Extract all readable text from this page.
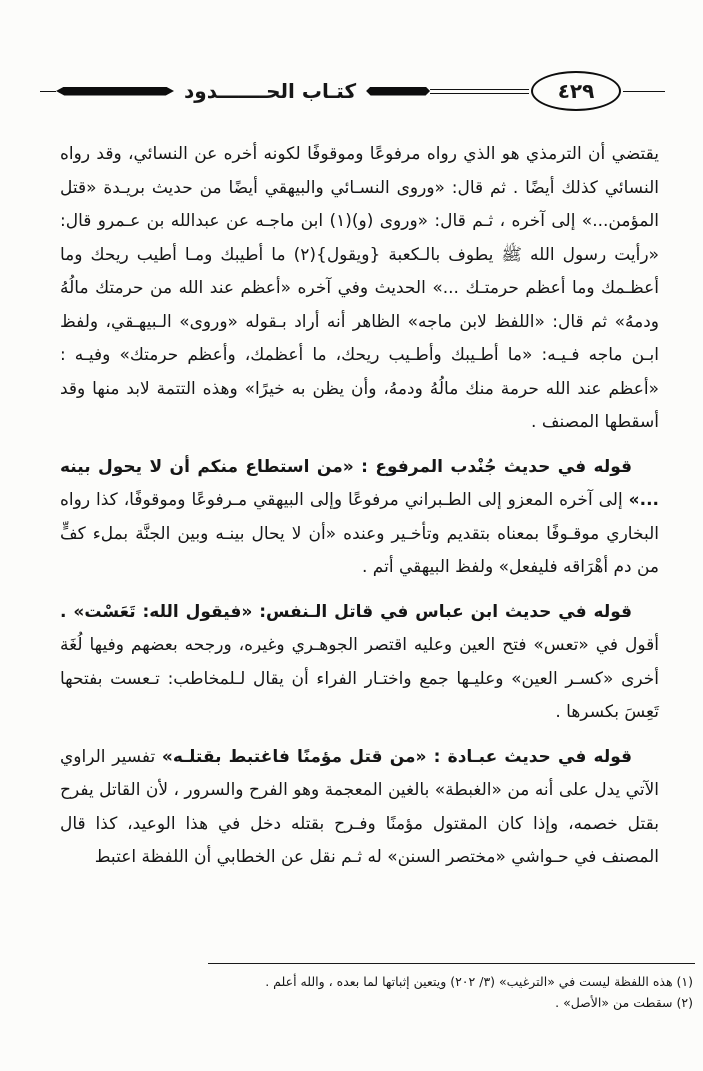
كتـاب الحـــــــدود	٤٢٩

يقتضي أن الترمذي هو الذي رواه مرفوعًا وموقوفًا لكونه أخره عن النسائي، وقد رواه النسائي كذلك أيضًا . ثم قال: «وروى النسـائي والبيهقي أيضًا من حديث بريـدة «قتل المؤمن...» إلى آخره ، ثـم قال: «وروى (و)(١) ابن ماجـه عن عبدالله بن عـمرو قال: «رأيت رسول الله ﷺ يطوف بالـكعبة {ويقول}(٢) ما أطيبك ومـا أطيب ريحك وما أعظـمك وما أعظم حرمتـك ...» الحديث وفي آخره «أعظم عند الله من حرمتك مالُهُ ودمهُ» ثم قال: «اللفظ لابن ماجه» الظاهر أنه أراد بـقوله «وروى» الـبيهـقي، ولفظ ابـن ماجه فـيـه: «ما أطـيبك وأطـيب ريحك، ما أعظمك، وأعظم حرمتك» وفيـه : «أعظم عند الله حرمة منك مالُهُ ودمهُ، وأن يظن به خيرًا» وهذه التتمة لابد منها وقد أسقطها المصنف .

قوله في حديث جُنْدب المرفوع : «من استطاع منكم أن لا يحول بينه ...» إلى آخره المعزو إلى الطـبراني مرفوعًا وإلى البيهقي مـرفوعًا وموقوفًا، كذا رواه البخاري موقـوفًا بمعناه بتقديم وتأخـير وعنده «أن لا يحال بينـه وبين الجنَّة بملء كفٍّ من دم أهْرَاقه فليفعل» ولفظ البيهقي أتم .

قوله في حديث ابن عباس في قاتل الـنفس: «فيقول الله: تَعَسْت» . أقول في «تعس» فتح العين وعليه اقتصر الجوهـري وغيره، ورجحه بعضهم وفيها لُغَة أخرى «كسـر العين» وعليـها جمع واختـار الفراء أن يقال لـلمخاطب: تـعست بفتحها تَعِسَ بكسرها .

قوله في حديث عبـادة : «من قتل مؤمنًا فاغتبط بقتلـه» تفسير الراوي الآتي يدل على أنه من «الغبطة» بالغين المعجمة وهو الفرح والسرور ، لأن القاتل يفرح بقتل خصمه، وإذا كان المقتول مؤمنًا وفـرح بقتله دخل في هذا الوعيد، كذا قال المصنف في حـواشي «مختصر السنن» له ثـم نقل عن الخطابي أن اللفظة اعتبط

(١) هذه اللفظة ليست في «الترغيب» (٣/ ٢٠٢) ويتعين إثباتها لما بعده ، والله أعلم .
(٢) سقطت من «الأصل» .
